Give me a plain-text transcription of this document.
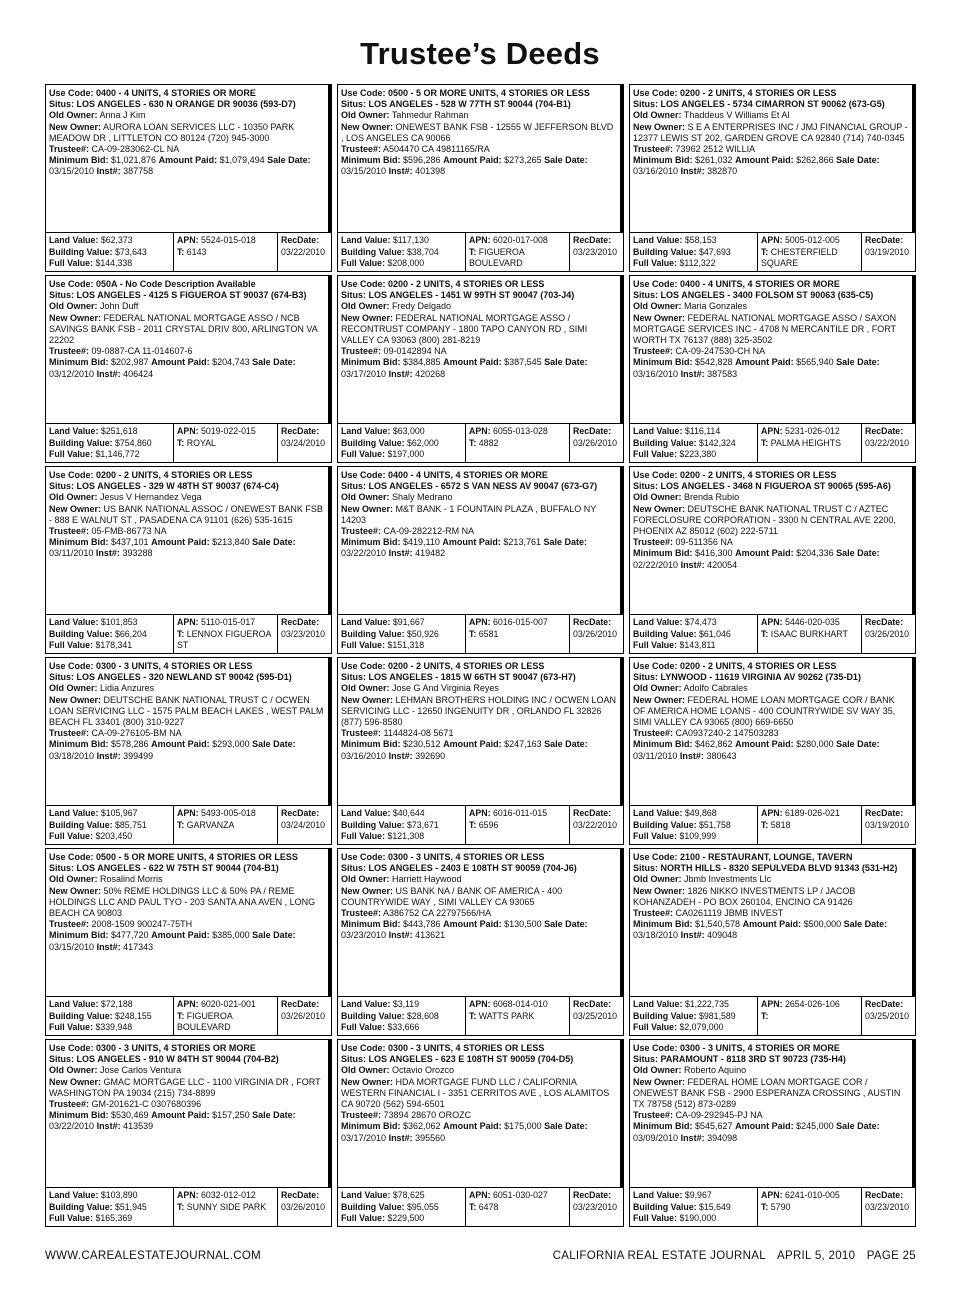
Trustee’s Deeds
Use Code: 0400 - 4 UNITS, 4 STORIES OR MORE
Situs: LOS ANGELES - 630 N ORANGE DR 90036 (593-D7)
Old Owner: Anna J Kim
New Owner: AURORA LOAN SERVICES LLC - 10350 PARK MEADOW DR , LITTLETON CO 80124 (720) 945-3000
Trustee#: CA-09-283062-CL NA
Minimum Bid: $1,021,876 Amount Paid: $1,079,494 Sale Date: 03/15/2010 Inst#: 387758
Land Value: $62,373
Building Value: $73,643
Full Value: $144,338
APN: 5524-015-018
T: 6143
RecDate:
03/22/2010
Use Code: 0500 - 5 OR MORE UNITS, 4 STORIES OR LESS
Situs: LOS ANGELES - 528 W 77TH ST 90044 (704-B1)
Old Owner: Tahmedur Rahman
New Owner: ONEWEST BANK FSB - 12555 W JEFFERSON BLVD , LOS ANGELES CA 90066
Trustee#: A504470 CA 49811165/RA
Minimum Bid: $596,286 Amount Paid: $273,265 Sale Date: 03/15/2010 Inst#: 401398
Land Value: $117,130
Building Value: $38,704
Full Value: $208,000
APN: 6020-017-008
T: FIGUEROA BOULEVARD
RecDate:
03/23/2010
Use Code: 0200 - 2 UNITS, 4 STORIES OR LESS
Situs: LOS ANGELES - 5734 CIMARRON ST 90062 (673-G5)
Old Owner: Thaddeus V Williams Et Al
New Owner: S E A ENTERPRISES INC / JMJ FINANCIAL GROUP - 12377 LEWIS ST 202, GARDEN GROVE CA 92840 (714) 740-0345
Trustee#: 73962 2512 WILLIA
Minimum Bid: $261,032 Amount Paid: $262,866 Sale Date: 03/16/2010 Inst#: 382870
Land Value: $58,153
Building Value: $47,693
Full Value: $112,322
APN: 5005-012-005
T: CHESTERFIELD SQUARE
RecDate:
03/19/2010
Use Code: 050A - No Code Description Available
Situs: LOS ANGELES - 4125 S FIGUEROA ST 90037 (674-B3)
Old Owner: John Duff
New Owner: FEDERAL NATIONAL MORTGAGE ASSO / NCB SAVINGS BANK FSB - 2011 CRYSTAL DRIV 800, ARLINGTON VA 22202
Trustee#: 09-0887-CA 11-014607-6
Minimum Bid: $202,987 Amount Paid: $204,743 Sale Date: 03/12/2010 Inst#: 406424
Land Value: $251,618
Building Value: $754,860
Full Value: $1,146,772
APN: 5019-022-015
T: ROYAL
RecDate:
03/24/2010
Use Code: 0200 - 2 UNITS, 4 STORIES OR LESS
Situs: LOS ANGELES - 1451 W 99TH ST 90047 (703-J4)
Old Owner: Fredy Delgado
New Owner: FEDERAL NATIONAL MORTGAGE ASSO / RECONTRUST COMPANY - 1800 TAPO CANYON RD , SIMI VALLEY CA 93063 (800) 281-8219
Trustee#: 09-0142894 NA
Minimum Bid: $384,885 Amount Paid: $387,545 Sale Date: 03/17/2010 Inst#: 420268
Land Value: $63,000
Building Value: $62,000
Full Value: $197,000
APN: 6055-013-028
T: 4882
RecDate:
03/26/2010
Use Code: 0400 - 4 UNITS, 4 STORIES OR MORE
Situs: LOS ANGELES - 3400 FOLSOM ST 90063 (635-C5)
Old Owner: Maria Gonzales
New Owner: FEDERAL NATIONAL MORTGAGE ASSO / SAXON MORTGAGE SERVICES INC - 4708 N MERCANTILE DR , FORT WORTH TX 76137 (888) 325-3502
Trustee#: CA-09-247530-CH NA
Minimum Bid: $542,828 Amount Paid: $565,940 Sale Date: 03/16/2010 Inst#: 387583
Land Value: $116,114
Building Value: $142,324
Full Value: $223,380
APN: 5231-026-012
T: PALMA HEIGHTS
RecDate:
03/22/2010
Use Code: 0200 - 2 UNITS, 4 STORIES OR LESS
Situs: LOS ANGELES - 329 W 48TH ST 90037 (674-C4)
Old Owner: Jesus V Hernandez Vega
New Owner: US BANK NATIONAL ASSOC / ONEWEST BANK FSB - 888 E WALNUT ST , PASADENA CA 91101 (626) 535-1615
Trustee#: 05-FMB-86773 NA
Minimum Bid: $437,101 Amount Paid: $213,840 Sale Date: 03/11/2010 Inst#: 393288
Land Value: $101,853
Building Value: $66,204
Full Value: $178,341
APN: 5110-015-017
T: LENNOX FIGUEROA ST
RecDate:
03/23/2010
Use Code: 0400 - 4 UNITS, 4 STORIES OR MORE
Situs: LOS ANGELES - 6572 S VAN NESS AV 90047 (673-G7)
Old Owner: Shaly Medrano
New Owner: M&T BANK - 1 FOUNTAIN PLAZA , BUFFALO NY 14203
Trustee#: CA-09-282212-RM NA
Minimum Bid: $419,110 Amount Paid: $213,761 Sale Date: 03/22/2010 Inst#: 419482
Land Value: $91,667
Building Value: $50,926
Full Value: $151,318
APN: 6016-015-007
T: 6581
RecDate:
03/26/2010
Use Code: 0200 - 2 UNITS, 4 STORIES OR LESS
Situs: LOS ANGELES - 3468 N FIGUEROA ST 90065 (595-A6)
Old Owner: Brenda Rubio
New Owner: DEUTSCHE BANK NATIONAL TRUST C / AZTEC FORECLOSURE CORPORATION - 3300 N CENTRAL AVE 2200, PHOENIX AZ 85012 (602) 222-5711
Trustee#: 09-511356 NA
Minimum Bid: $416,300 Amount Paid: $204,336 Sale Date: 02/22/2010 Inst#: 420054
Land Value: $74,473
Building Value: $61,046
Full Value: $143,811
APN: 5446-020-035
T: ISAAC BURKHART
RecDate:
03/26/2010
Use Code: 0300 - 3 UNITS, 4 STORIES OR LESS
Situs: LOS ANGELES - 320 NEWLAND ST 90042 (595-D1)
Old Owner: Lidia Anzures
New Owner: DEUTSCHE BANK NATIONAL TRUST C / OCWEN LOAN SERVICING LLC - 1575 PALM BEACH LAKES , WEST PALM BEACH FL 33401 (800) 310-9227
Trustee#: CA-09-276105-BM NA
Minimum Bid: $578,286 Amount Paid: $293,000 Sale Date: 03/18/2010 Inst#: 399499
Land Value: $105,967
Building Value: $85,751
Full Value: $203,450
APN: 5493-005-018
T: GARVANZA
RecDate:
03/24/2010
Use Code: 0200 - 2 UNITS, 4 STORIES OR LESS
Situs: LOS ANGELES - 1815 W 66TH ST 90047 (673-H7)
Old Owner: Jose G And Virginia Reyes
New Owner: LEHMAN BROTHERS HOLDING INC / OCWEN LOAN SERVICING LLC - 12650 INGENUITY DR , ORLANDO FL 32826 (877) 596-8580
Trustee#: 1144824-08 5671
Minimum Bid: $230,512 Amount Paid: $247,163 Sale Date: 03/16/2010 Inst#: 392690
Land Value: $40,644
Building Value: $73,671
Full Value: $121,308
APN: 6016-011-015
T: 6596
RecDate:
03/22/2010
Use Code: 0200 - 2 UNITS, 4 STORIES OR LESS
Situs: LYNWOOD - 11619 VIRGINIA AV 90262 (735-D1)
Old Owner: Adolfo Cabrales
New Owner: FEDERAL HOME LOAN MORTGAGE COR / BANK OF AMERICA HOME LOANS - 400 COUNTRYWIDE SV WAY 35, SIMI VALLEY CA 93065 (800) 669-6650
Trustee#: CA0937240-2 147503283
Minimum Bid: $462,862 Amount Paid: $280,000 Sale Date: 03/11/2010 Inst#: 380643
Land Value: $49,868
Building Value: $51,758
Full Value: $109,999
APN: 6189-026-021
T: 5818
RecDate:
03/19/2010
Use Code: 0500 - 5 OR MORE UNITS, 4 STORIES OR LESS
Situs: LOS ANGELES - 622 W 75TH ST 90044 (704-B1)
Old Owner: Rosalind Morris
New Owner: 50% REME HOLDINGS LLC & 50% PA / REME HOLDINGS LLC AND PAUL TYO - 203 SANTA ANA AVEN , LONG BEACH CA 90803
Trustee#: 2008-1509 900247-75TH
Minimum Bid: $477,720 Amount Paid: $385,000 Sale Date: 03/15/2010 Inst#: 417343
Land Value: $72,188
Building Value: $248,155
Full Value: $339,948
APN: 6020-021-001
T: FIGUEROA BOULEVARD
RecDate:
03/26/2010
Use Code: 0300 - 3 UNITS, 4 STORIES OR LESS
Situs: LOS ANGELES - 2403 E 108TH ST 90059 (704-J6)
Old Owner: Harriett Haywood
New Owner: US BANK NA / BANK OF AMERICA - 400 COUNTRYWIDE WAY , SIMI VALLEY CA 93065
Trustee#: A386752 CA 22797566/HA
Minimum Bid: $443,786 Amount Paid: $130,500 Sale Date: 03/23/2010 Inst#: 413621
Land Value: $3,119
Building Value: $28,608
Full Value: $33,666
APN: 6068-014-010
T: WATTS PARK
RecDate:
03/25/2010
Use Code: 2100 - RESTAURANT, LOUNGE, TAVERN
Situs: NORTH HILLS - 8320 SEPULVEDA BLVD 91343 (531-H2)
Old Owner: Jbmb Investments Llc
New Owner: 1826 NIKKO INVESTMENTS LP / JACOB KOHANZADEH - PO BOX 260104, ENCINO CA 91426
Trustee#: CA0261119 JBMB INVEST
Minimum Bid: $1,540,578 Amount Paid: $500,000 Sale Date: 03/18/2010 Inst#: 409048
Land Value: $1,222,735
Building Value: $981,589
Full Value: $2,079,000
APN: 2654-026-106
T:
RecDate:
03/25/2010
Use Code: 0300 - 3 UNITS, 4 STORIES OR MORE
Situs: LOS ANGELES - 910 W 84TH ST 90044 (704-B2)
Old Owner: Jose Carlos Ventura
New Owner: GMAC MORTGAGE LLC - 1100 VIRGINIA DR , FORT WASHINGTON PA 19034 (215) 734-8899
Trustee#: GM-201621-C 0307680396
Minimum Bid: $530,469 Amount Paid: $157,250 Sale Date: 03/22/2010 Inst#: 413539
Land Value: $103,890
Building Value: $51,945
Full Value: $165,369
APN: 6032-012-012
T: SUNNY SIDE PARK
RecDate:
03/26/2010
Use Code: 0300 - 3 UNITS, 4 STORIES OR LESS
Situs: LOS ANGELES - 623 E 108TH ST 90059 (704-D5)
Old Owner: Octavio Orozco
New Owner: HDA MORTGAGE FUND LLC / CALIFORNIA WESTERN FINANCIAL I - 3351 CERRITOS AVE , LOS ALAMITOS CA 90720 (562) 594-6501
Trustee#: 73894 28670 OROZC
Minimum Bid: $362,062 Amount Paid: $175,000 Sale Date: 03/17/2010 Inst#: 395560
Land Value: $78,625
Building Value: $95,055
Full Value: $229,500
APN: 6051-030-027
T: 6478
RecDate:
03/23/2010
Use Code: 0300 - 3 UNITS, 4 STORIES OR MORE
Situs: PARAMOUNT - 8118 3RD ST 90723 (735-H4)
Old Owner: Roberto Aquino
New Owner: FEDERAL HOME LOAN MORTGAGE COR / ONEWEST BANK FSB - 2900 ESPERANZA CROSSING , AUSTIN TX 78758 (512) 873-0289
Trustee#: CA-09-292945-PJ NA
Minimum Bid: $545,627 Amount Paid: $245,000 Sale Date: 03/09/2010 Inst#: 394098
Land Value: $9,967
Building Value: $15,649
Full Value: $190,000
APN: 6241-010-005
T: 5790
RecDate:
03/23/2010
WWW.CAREALESTATEJOURNAL.COM	CALIFORNIA REAL ESTATE JOURNAL APRIL 5, 2010 PAGE 25
